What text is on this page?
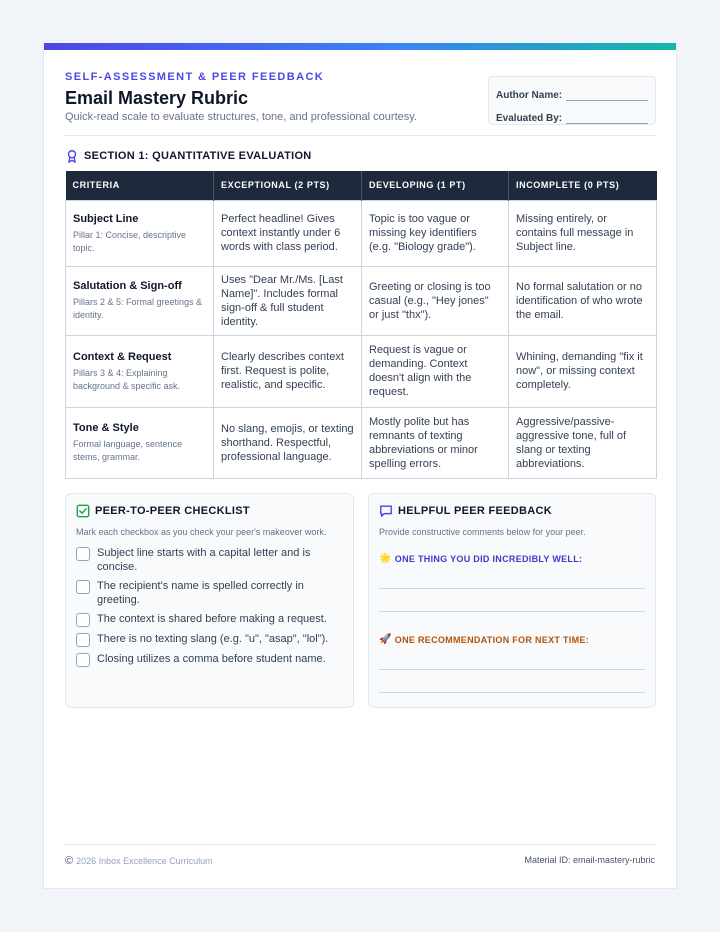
SELF-ASSESSMENT & PEER FEEDBACK
Email Mastery Rubric
Quick-read scale to evaluate structures, tone, and professional courtesy.
Author Name:
Evaluated By:
SECTION 1: QUANTITATIVE EVALUATION
CRITERIA	EXCEPTIONAL (2 PTS)	DEVELOPING (1 PT)	INCOMPLETE (0 PTS)

Subject Line
Pillar 1: Concise, descriptive topic.	Perfect headline! Gives context instantly under 6 words with class period.	Topic is too vague or missing key identifiers (e.g. "Biology grade").	Missing entirely, or contains full message in Subject line.

Salutation & Sign-off
Pillars 2 & 5: Formal greetings & identity.	Uses "Dear Mr./Ms. [Last Name]". Includes formal sign-off & full student identity.	Greeting or closing is too casual (e.g., "Hey jones" or just "thx").	No formal salutation or no identification of who wrote the email.

Context & Request
Pillars 3 & 4: Explaining background & specific ask.	Clearly describes context first. Request is polite, realistic, and specific.	Request is vague or demanding. Context doesn't align with the request.	Whining, demanding "fix it now", or missing context completely.

Tone & Style
Formal language, sentence stems, grammar.	No slang, emojis, or texting shorthand. Respectful, professional language.	Mostly polite but has remnants of texting abbreviations or minor spelling errors.	Aggressive/passive-aggressive tone, full of slang or texting abbreviations.
PEER-TO-PEER CHECKLIST
Mark each checkbox as you check your peer's makeover work.
Subject line starts with a capital letter and is concise.
The recipient's name is spelled correctly in greeting.
The context is shared before making a request.
There is no texting slang (e.g. "u", "asap", "lol").
Closing utilizes a comma before student name.
HELPFUL PEER FEEDBACK
Provide constructive comments below for your peer.
🌟 ONE THING YOU DID INCREDIBLY WELL:
🚀 ONE RECOMMENDATION FOR NEXT TIME:
© 2026 Inbox Excellence Curriculum	Material ID: email-mastery-rubric
